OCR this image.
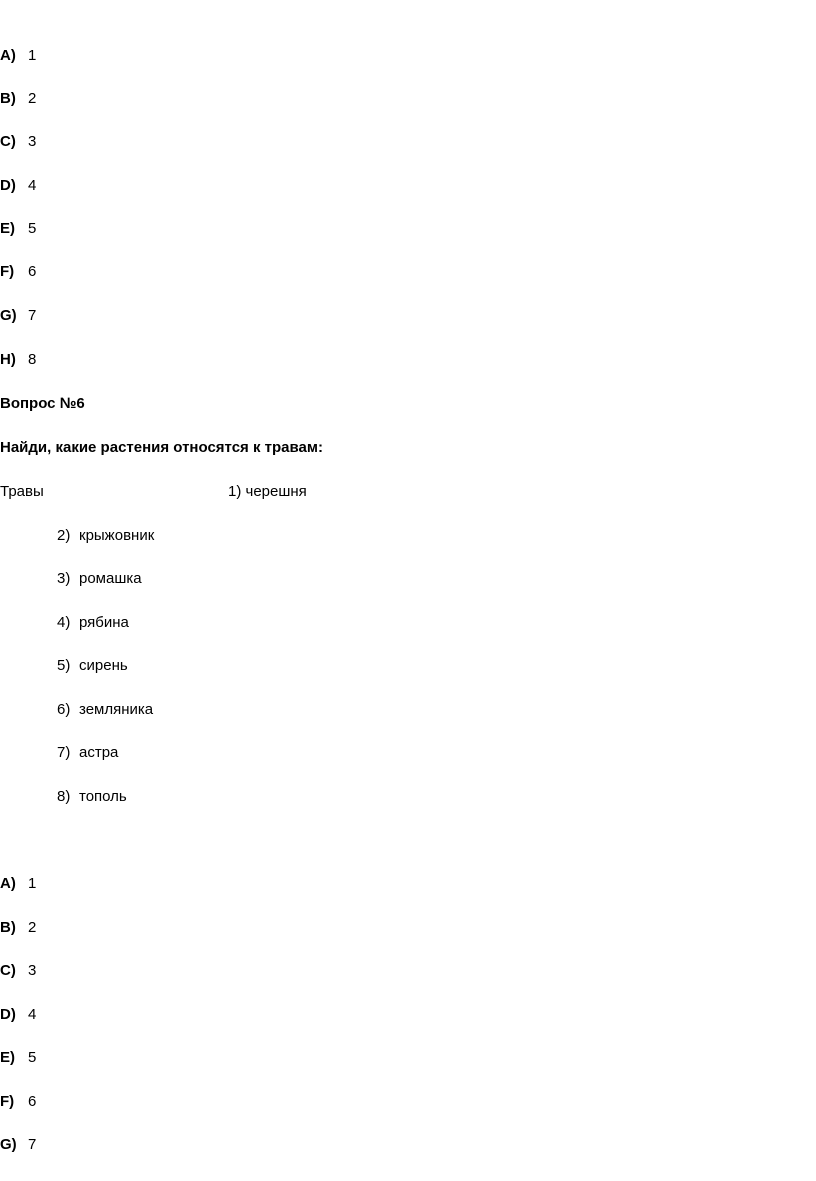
A) 1
B) 2
C) 3
D) 4
E) 5
F) 6
G) 7
H) 8
Вопрос №6
Найди, какие растения относятся к травам:
Травы	1) черешня
2) крыжовник
3) ромашка
4) рябина
5) сирень
6) земляника
7) астра
8) тополь
A) 1
B) 2
C) 3
D) 4
E) 5
F) 6
G) 7
